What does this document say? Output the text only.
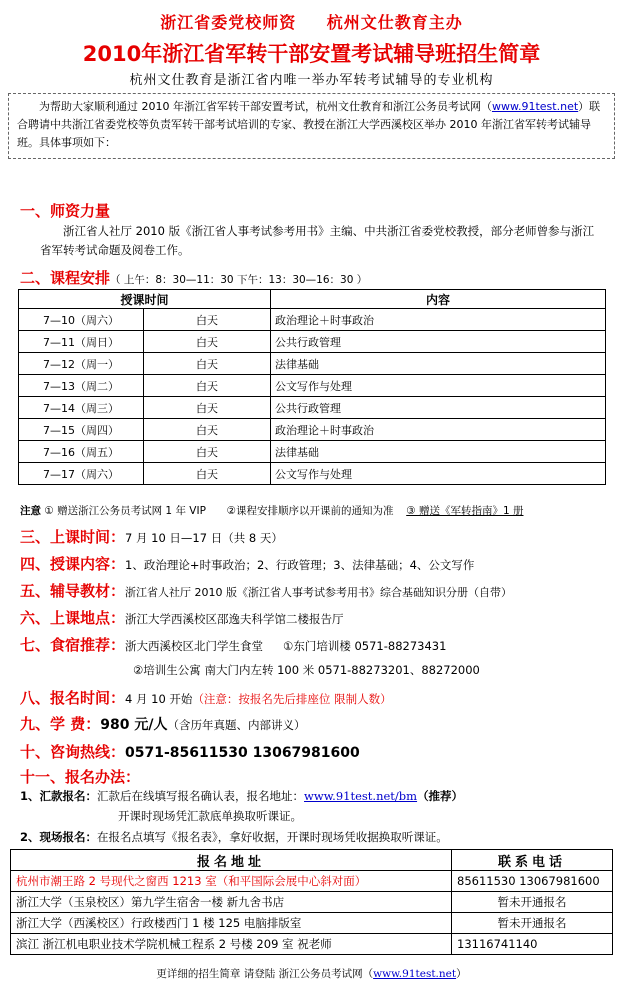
浙江省委党校师资 杭州文仕教育主办
2010年浙江省军转干部安置考试辅导班招生简章
杭州文仕教育是浙江省内唯一举办军转考试辅导的专业机构
为帮助大家顺利通过 2010 年浙江省军转干部安置考试，杭州文仕教育和浙江公务员考试网（www.91test.net）联合聘请中共浙江省委党校等负责军转干部考试培训的专家、教授在浙江大学西溪校区举办 2010 年浙江省军转考试辅导班。具体事项如下：
一、师资力量
浙江省人社厅 2010 版《浙江省人事考试参考用书》主编、中共浙江省委党校教授，部分老师曾参与浙江省军转考试命题及阅卷工作。
二、课程安排（ 上午：8：30—11：30 下午：13：30—16：30 ）
授课时间		内容
7—10（周六）	白天	政治理论＋时事政治
7—11（周日）	白天	公共行政管理
7—12（周一）	白天	法律基础
7—13（周二）	白天	公文写作与处理
7—14（周三）	白天	公共行政管理
7—15（周四）	白天	政治理论＋时事政治
7—16（周五）	白天	法律基础
7—17（周六）	白天	公文写作与处理
注意 ① 赠送浙江公务员考试网 1 年 VIP ②课程安排顺序以开课前的通知为准 ③ 赠送《军转指南》1 册
三、上课时间：7 月 10 日—17 日（共 8 天）
四、授课内容：1、政治理论+时事政治；2、行政管理；3、法律基础；4、公文写作
五、辅导教材：浙江省人社厅 2010 版《浙江省人事考试参考用书》综合基础知识分册（自带）
六、上课地点：浙江大学西溪校区邵逸夫科学馆二楼报告厅
七、食宿推荐：浙大西溪校区北门学生食堂 ①东门培训楼 0571-88273431
②培训生公寓 南大门内左转 100 米 0571-88273201、88272000
八、报名时间：4 月 10 开始（注意：按报名先后排座位 限制人数）
九、学 费：980 元/人（含历年真题、内部讲义）
十、咨询热线：0571-85611530 13067981600
十一、报名办法：
1、汇款报名：汇款后在线填写报名确认表，报名地址：www.91test.net/bm（推荐）
开课时现场凭汇款底单换取听课证。
2、现场报名：在报名点填写《报名表》，拿好收据，开课时现场凭收据换取听课证。
报名地址	联系电话
杭州市潮王路 2 号现代之窗西 1213 室（和平国际会展中心斜对面）	85611530 13067981600
浙江大学（玉泉校区）第九学生宿舍一楼 新九舍书店	暂未开通报名
浙江大学（西溪校区）行政楼西门 1 楼 125 电脑排版室	暂未开通报名
滨江 浙江机电职业技术学院机械工程系 2 号楼 209 室 祝老师	13116741140
更详细的招生简章 请登陆 浙江公务员考试网（www.91test.net）
